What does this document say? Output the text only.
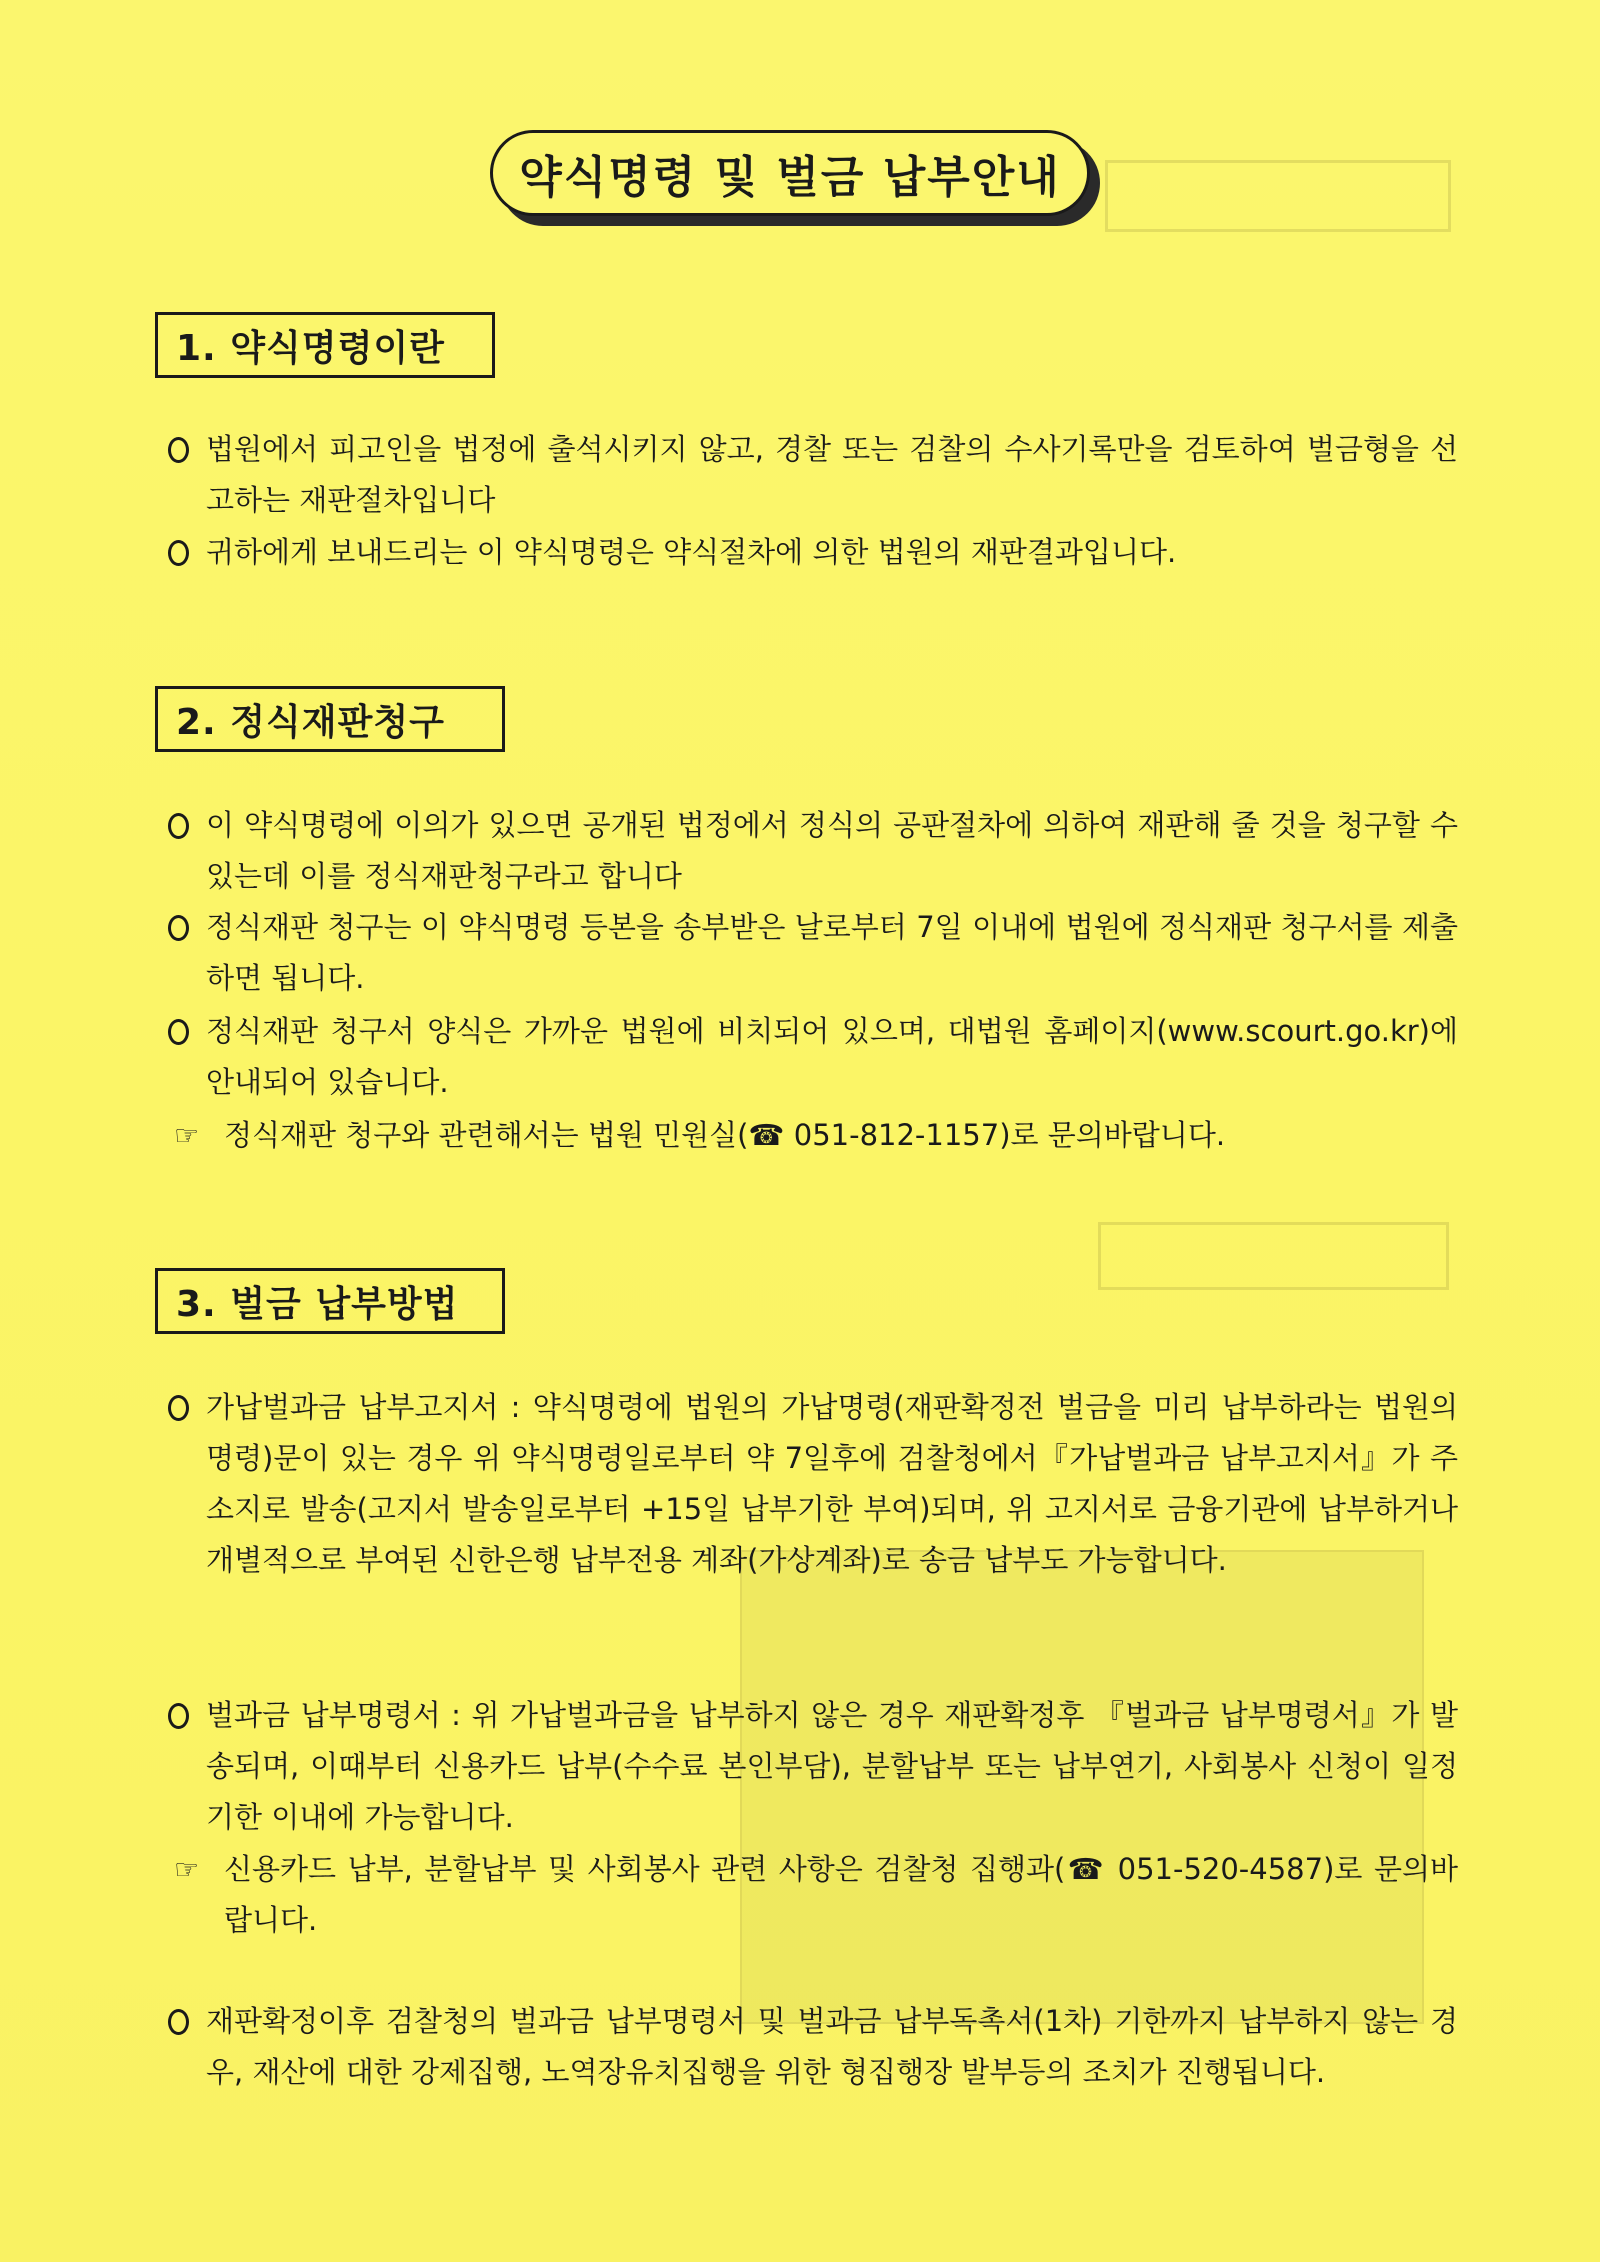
약식명령 및 벌금 납부안내
1. 약식명령이란
법원에서 피고인을 법정에 출석시키지 않고, 경찰 또는 검찰의 수사기록만을 검토하여 벌금형을 선고하는 재판절차입니다
귀하에게 보내드리는 이 약식명령은 약식절차에 의한 법원의 재판결과입니다.
2. 정식재판청구
이 약식명령에 이의가 있으면 공개된 법정에서 정식의 공판절차에 의하여 재판해 줄 것을 청구할 수 있는데 이를 정식재판청구라고 합니다
정식재판 청구는 이 약식명령 등본을 송부받은 날로부터 7일 이내에 법원에 정식재판 청구서를 제출하면 됩니다.
정식재판 청구서 양식은 가까운 법원에 비치되어 있으며, 대법원 홈페이지(www.scourt.go.kr)에 안내되어 있습니다.
☞ 정식재판 청구와 관련해서는 법원 민원실(☎ 051-812-1157)로 문의바랍니다.
3. 벌금 납부방법
가납벌과금 납부고지서 : 약식명령에 법원의 가납명령(재판확정전 벌금을 미리 납부하라는 법원의 명령)문이 있는 경우 위 약식명령일로부터 약 7일후에 검찰청에서『가납벌과금 납부고지서』가 주소지로 발송(고지서 발송일로부터 +15일 납부기한 부여)되며, 위 고지서로 금융기관에 납부하거나 개별적으로 부여된 신한은행 납부전용 계좌(가상계좌)로 송금 납부도 가능합니다.
벌과금 납부명령서 : 위 가납벌과금을 납부하지 않은 경우 재판확정후 『벌과금 납부명령서』가 발송되며, 이때부터 신용카드 납부(수수료 본인부담), 분할납부 또는 납부연기, 사회봉사 신청이 일정기한 이내에 가능합니다.
☞ 신용카드 납부, 분할납부 및 사회봉사 관련 사항은 검찰청 집행과(☎ 051-520-4587)로 문의바랍니다.
재판확정이후 검찰청의 벌과금 납부명령서 및 벌과금 납부독촉서(1차) 기한까지 납부하지 않는 경우, 재산에 대한 강제집행, 노역장유치집행을 위한 형집행장 발부등의 조치가 진행됩니다.
